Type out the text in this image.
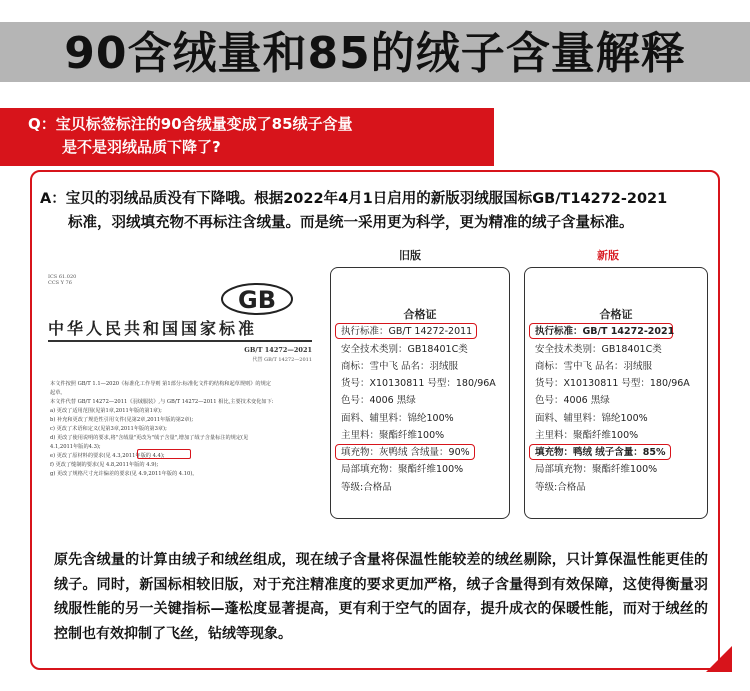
90含绒量和85的绒子含量解释
Q：宝贝标签标注的90含绒量变成了85绒子含量
是不是羽绒品质下降了?
A：宝贝的羽绒品质没有下降哦。根据2022年4月1日启用的新版羽绒服国标GB/T14272-2021
标准，羽绒填充物不再标注含绒量。而是统一采用更为科学，更为精准的绒子含量标准。
ICS 61.020
CCS Y 76
GB
中华人民共和国国家标准
GB/T 14272—2021
代替 GB/T 14272—2011
本文件按照 GB/T 1.1—2020《标准化工作导则 第1部分:标准化文件的结构和起草规则》的规定
起草。
本文件代替 GB/T 14272—2011《羽绒服装》,与 GB/T 14272—2011 相比,主要技术变化如下:
a) 更改了适用范围(见第1章,2011年版的第1章);
b) 补充和更改了规范性引用文件(见第2章,2011年版的第2章);
c) 更改了术语和定义(见第3章,2011年版的第3章);
d) 更改了使用说明的要求,将"含绒量"更改为"绒子含量",增加了绒子含量标注的规定(见
4.1,2011年版的4.3);
e) 更改了原材料的要求(见 4.3,2011年版的 4.4);
f) 更改了缝制的要求(见 4.8,2011年版的 4.9);
g) 更改了规格尺寸允许偏差的要求(见 4.9,2011年版的 4.10)。
旧版	新版
合格证
执行标准：GB/T 14272-2011
安全技术类别：GB18401C类
商标：雪中飞 品名：羽绒服
货号：X10130811 号型：180/96A
色号：4006 黑绿
面料、辅里料：锦纶100%
主里料：聚酯纤维100%
填充物：灰鸭绒 含绒量：90%
局部填充物：聚酯纤维100%
等级:合格品
合格证
执行标准：GB/T 14272-2021
安全技术类别：GB18401C类
商标：雪中飞 品名：羽绒服
货号：X10130811 号型：180/96A
色号：4006 黑绿
面料、辅里料：锦纶100%
主里料：聚酯纤维100%
填充物：鸭绒 绒子含量：85%
局部填充物：聚酯纤维100%
等级:合格品
原先含绒量的计算由绒子和绒丝组成，现在绒子含量将保温性能较差的绒丝剔除，只计算保温性能更佳的绒子。同时，新国标相较旧版，对于充注精准度的要求更加严格，绒子含量得到有效保障，这使得衡量羽绒服性能的另一关键指标—蓬松度显著提高，更有利于空气的固存，提升成衣的保暖性能，而对于绒丝的控制也有效抑制了飞丝，钻绒等现象。
